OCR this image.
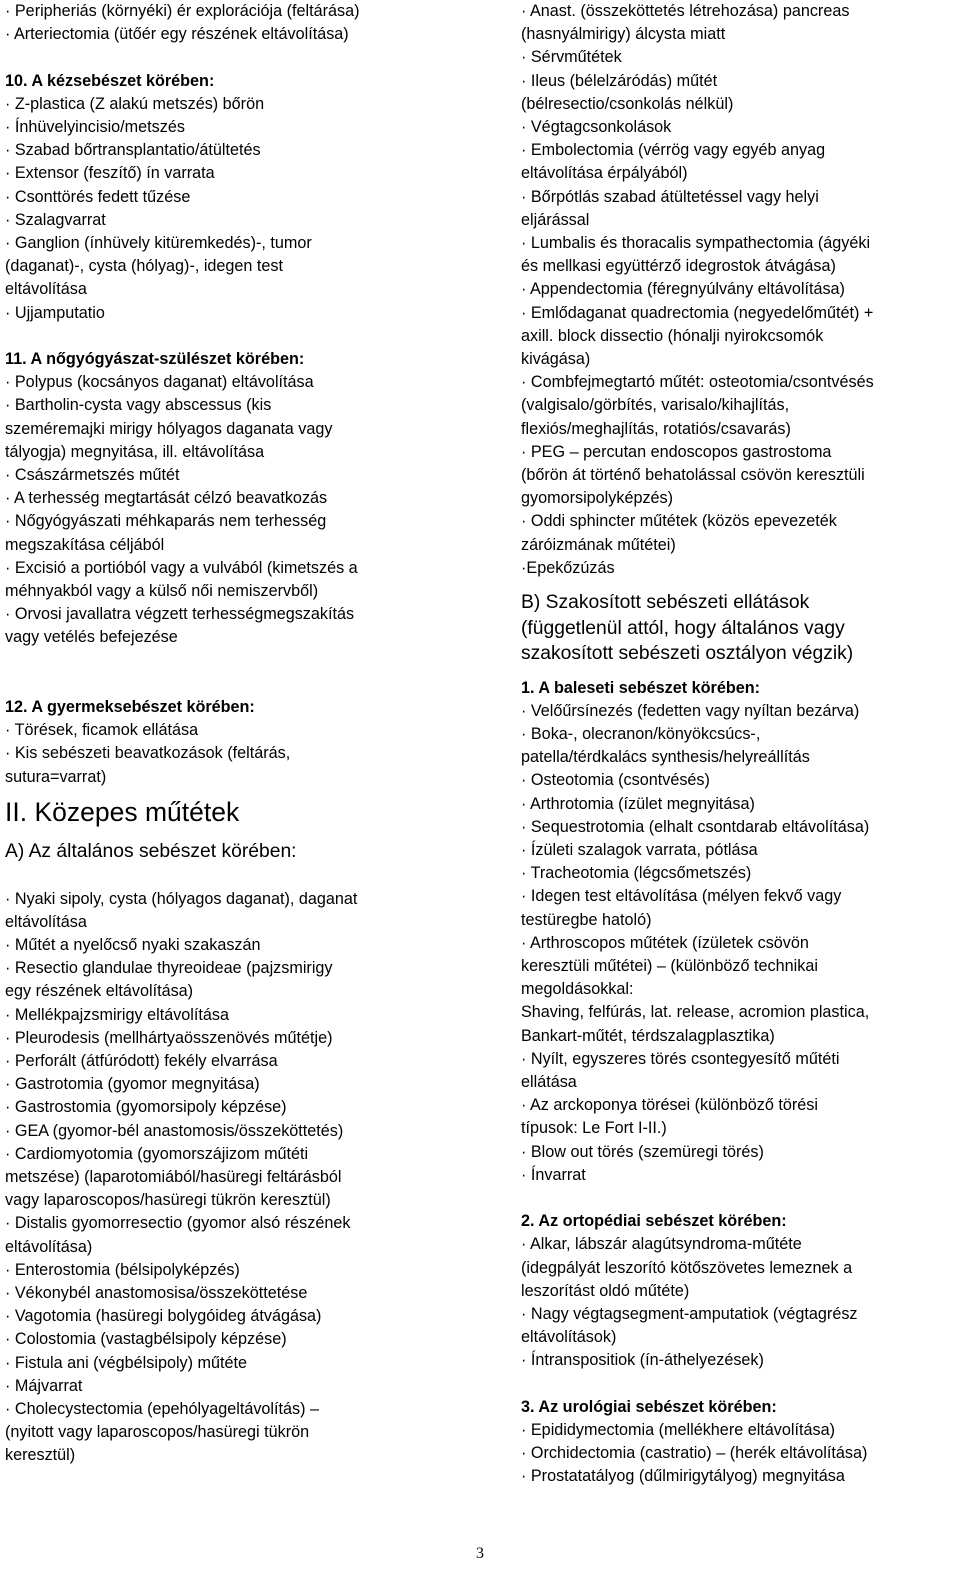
· Peripheriás (környéki) ér explorációja (feltárása)
· Arteriectomia (ütőér egy részének eltávolítása)
10. A kézsebészet körében:
· Z-plastica (Z alakú metszés) bőrön
· Ínhüvelyincisio/metszés
· Szabad bőrtransplantatio/átültetés
· Extensor (feszítő) ín varrata
· Csonttörés fedett tűzése
· Szalagvarrat
· Ganglion (ínhüvely kitüremkedés)-, tumor
(daganat)-, cysta (hólyag)-, idegen test
eltávolítása
· Ujjamputatio
11. A nőgyógyászat-szülészet körében:
· Polypus (kocsányos daganat) eltávolítása
· Bartholin-cysta vagy abscessus (kis
szeméremajki mirigy hólyagos daganata vagy
tályogja) megnyitása, ill. eltávolítása
· Császármetszés műtét
· A terhesség megtartását célzó beavatkozás
· Nőgyógyászati méhkaparás nem terhesség
megszakítása céljából
· Excisió a portióból vagy a vulvából (kimetszés a
méhnyakból vagy a külső női nemiszervből)
· Orvosi javallatra végzett terhességmegszakítás
vagy vetélés befejezése
12. A gyermeksebészet körében:
· Törések, ficamok ellátása
· Kis sebészeti beavatkozások (feltárás,
sutura=varrat)
II. Közepes műtétek
A) Az általános sebészet körében:
· Nyaki sipoly, cysta (hólyagos daganat), daganat
eltávolítása
· Műtét a nyelőcső nyaki szakaszán
· Resectio glandulae thyreoideae (pajzsmirigy
egy részének eltávolítása)
· Mellékpajzsmirigy eltávolítása
· Pleurodesis (mellhártyaösszenövés műtétje)
· Perforált (átfúródott) fekély elvarrása
· Gastrotomia (gyomor megnyitása)
· Gastrostomia (gyomorsipoly képzése)
· GEA (gyomor-bél anastomosis/összeköttetés)
· Cardiomyotomia (gyomorszájizom műtéti
metszése) (laparotomiából/hasüregi feltárásból
vagy laparoscopos/hasüregi tükrön keresztül)
· Distalis gyomorresectio (gyomor alsó részének
eltávolítása)
· Enterostomia (bélsipolyképzés)
· Vékonybél anastomosisa/összeköttetése
· Vagotomia (hasüregi bolygóideg átvágása)
· Colostomia (vastagbélsipoly képzése)
· Fistula ani (végbélsipoly) műtéte
· Májvarrat
· Cholecystectomia (epehólyageltávolítás) –
(nyitott vagy laparoscopos/hasüregi tükrön
keresztül)
· Anast. (összeköttetés létrehozása) pancreas
(hasnyálmirigy) álcysta miatt
· Sérvműtétek
· Ileus (bélelzáródás) műtét
(bélresectio/csonkolás nélkül)
· Végtagcsonkolások
· Embolectomia (vérrög vagy egyéb anyag
eltávolítása érpályából)
· Bőrpótlás szabad átültetéssel vagy helyi
eljárással
· Lumbalis és thoracalis sympathectomia (ágyéki
és mellkasi együttérző idegrostok átvágása)
· Appendectomia (féregnyúlvány eltávolítása)
· Emlődaganat quadrectomia (negyedelőműtét) +
axill. block dissectio (hónalji nyirokcsomók
kivágása)
· Combfejmegtartó műtét: osteotomia/csontvésés
(valgisalo/görbítés, varisalo/kihajlítás,
flexiós/meghajlítás, rotatiós/csavarás)
· PEG – percutan endoscopos gastrostoma
(bőrön át történő behatolással csövön keresztüli
gyomorsipolyképzés)
· Oddi sphincter műtétek (közös epevezeték
záróizmának műtétei)
·Epekőzúzás
B) Szakosított sebészeti ellátások
(függetlenül attól, hogy általános vagy
szakosított sebészeti osztályon végzik)
1. A baleseti sebészet körében:
· Velőűrsínezés (fedetten vagy nyíltan bezárva)
· Boka-, olecranon/könyökcsúcs-,
patella/térdkalács synthesis/helyreállítás
· Osteotomia (csontvésés)
· Arthrotomia (ízület megnyitása)
· Sequestrotomia (elhalt csontdarab eltávolítása)
· Ízületi szalagok varrata, pótlása
· Tracheotomia (légcsőmetszés)
· Idegen test eltávolítása (mélyen fekvő vagy
testüregbe hatoló)
· Arthroscopos műtétek (ízületek csövön
keresztüli műtétei) – (különböző technikai
megoldásokkal:
Shaving, felfúrás, lat. release, acromion plastica,
Bankart-műtét, térdszalagplasztika)
· Nyílt, egyszeres törés csontegyesítő műtéti
ellátása
· Az arckoponya törései (különböző törési
típusok: Le Fort I-II.)
· Blow out törés (szemüregi törés)
· Ínvarrat
2. Az ortopédiai sebészet körében:
· Alkar, lábszár alagútsyndroma-műtéte
(idegpályát leszorító kötőszövetes lemeznek a
leszorítást oldó műtéte)
· Nagy végtagsegment-amputatiok (végtagrész
eltávolítások)
· Íntranspositiok (ín-áthelyezések)
3. Az urológiai sebészet körében:
· Epididymectomia (mellékhere eltávolítása)
· Orchidectomia (castratio) – (herék eltávolítása)
· Prostatatályog (dűlmirigytályog) megnyitása
3
